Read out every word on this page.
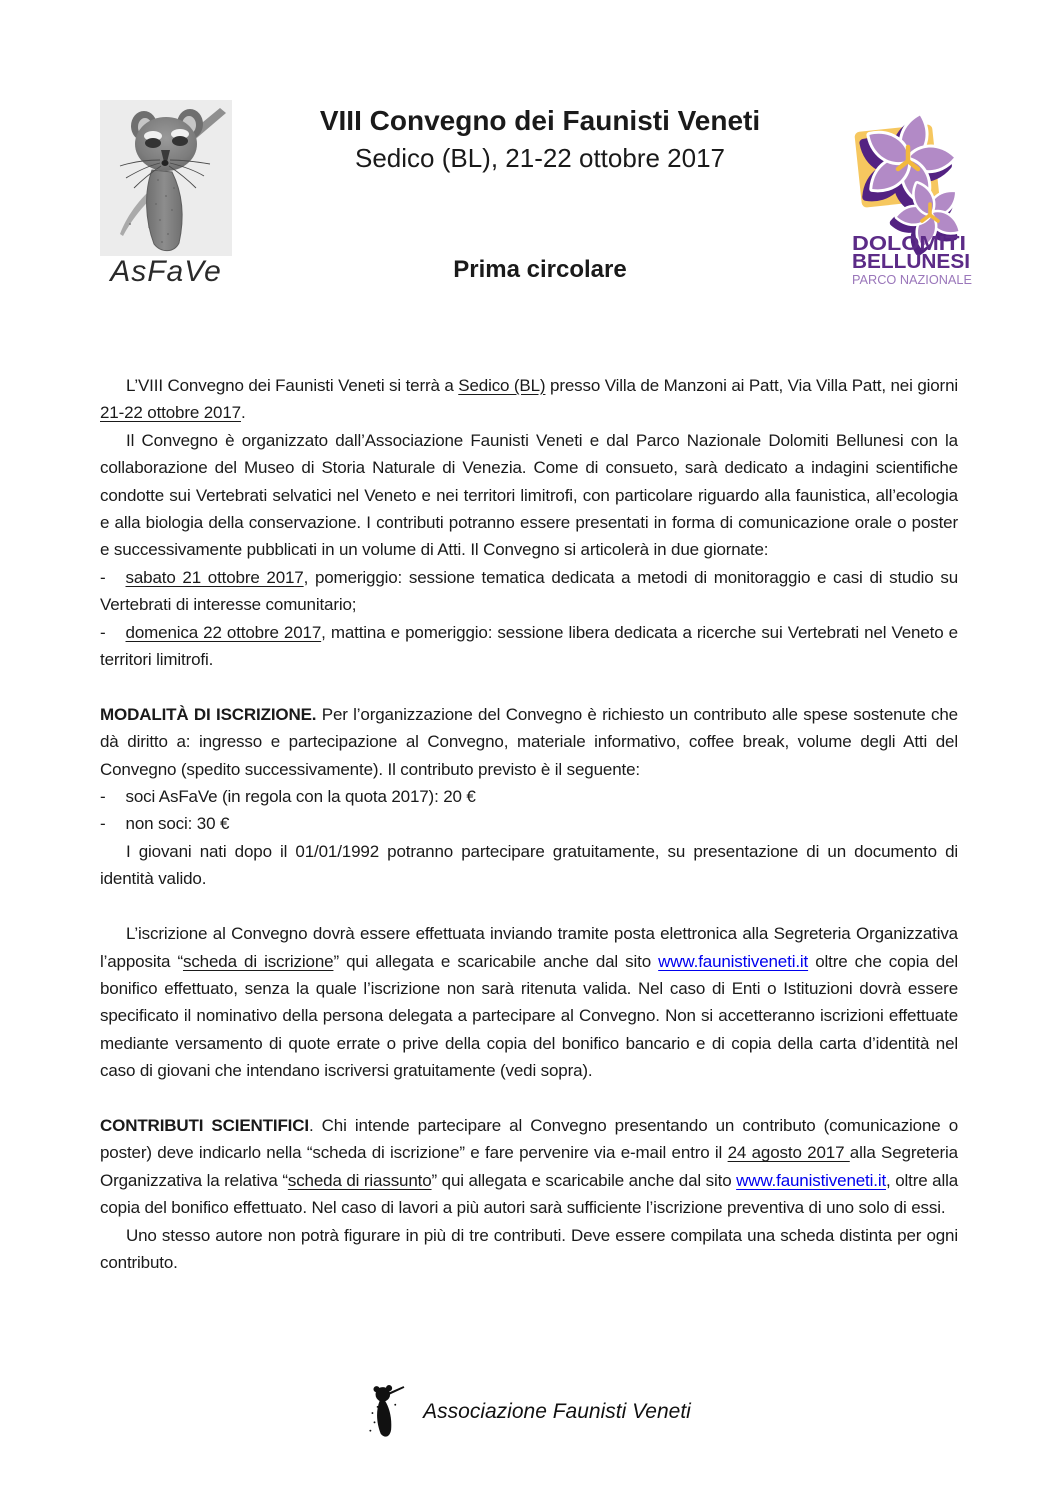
AsFaVe
VIII Convegno dei Faunisti Veneti
Sedico (BL), 21-22 ottobre 2017
Prima circolare
DOLOMITI
BELLUNESI
PARCO NAZIONALE

L’VIII Convegno dei Faunisti Veneti si terrà a Sedico (BL) presso Villa de Manzoni ai Patt, Via Villa Patt, nei giorni 21-22 ottobre 2017.

Il Convegno è organizzato dall’Associazione Faunisti Veneti e dal Parco Nazionale Dolomiti Bellunesi con la collaborazione del Museo di Storia Naturale di Venezia. Come di consueto, sarà dedicato a indagini scientifiche condotte sui Vertebrati selvatici nel Veneto e nei territori limitrofi, con particolare riguardo alla faunistica, all’ecologia e alla biologia della conservazione. I contributi potranno essere presentati in forma di comunicazione orale o poster e successivamente pubblicati in un volume di Atti. Il Convegno si articolerà in due giornate:

- sabato 21 ottobre 2017, pomeriggio: sessione tematica dedicata a metodi di monitoraggio e casi di studio su Vertebrati di interesse comunitario;

- domenica 22 ottobre 2017, mattina e pomeriggio: sessione libera dedicata a ricerche sui Vertebrati nel Veneto e territori limitrofi.

MODALITÀ DI ISCRIZIONE. Per l’organizzazione del Convegno è richiesto un contributo alle spese sostenute che dà diritto a: ingresso e partecipazione al Convegno, materiale informativo, coffee break, volume degli Atti del Convegno (spedito successivamente). Il contributo previsto è il seguente:

- soci AsFaVe (in regola con la quota 2017): 20 €

- non soci: 30 €

I giovani nati dopo il 01/01/1992 potranno partecipare gratuitamente, su presentazione di un documento di identità valido.

L’iscrizione al Convegno dovrà essere effettuata inviando tramite posta elettronica alla Segreteria Organizzativa l’apposita “scheda di iscrizione” qui allegata e scaricabile anche dal sito www.faunistiveneti.it oltre che copia del bonifico effettuato, senza la quale l’iscrizione non sarà ritenuta valida. Nel caso di Enti o Istituzioni dovrà essere specificato il nominativo della persona delegata a partecipare al Convegno. Non si accetteranno iscrizioni effettuate mediante versamento di quote errate o prive della copia del bonifico bancario e di copia della carta d’identità nel caso di giovani che intendano iscriversi gratuitamente (vedi sopra).

CONTRIBUTI SCIENTIFICI. Chi intende partecipare al Convegno presentando un contributo (comunicazione o poster) deve indicarlo nella “scheda di iscrizione” e fare pervenire via e-mail entro il 24 agosto 2017 alla Segreteria Organizzativa la relativa “scheda di riassunto” qui allegata e scaricabile anche dal sito www.faunistiveneti.it, oltre alla copia del bonifico effettuato. Nel caso di lavori a più autori sarà sufficiente l’iscrizione preventiva di uno solo di essi.

Uno stesso autore non potrà figurare in più di tre contributi. Deve essere compilata una scheda distinta per ogni contributo.

Associazione Faunisti Veneti
